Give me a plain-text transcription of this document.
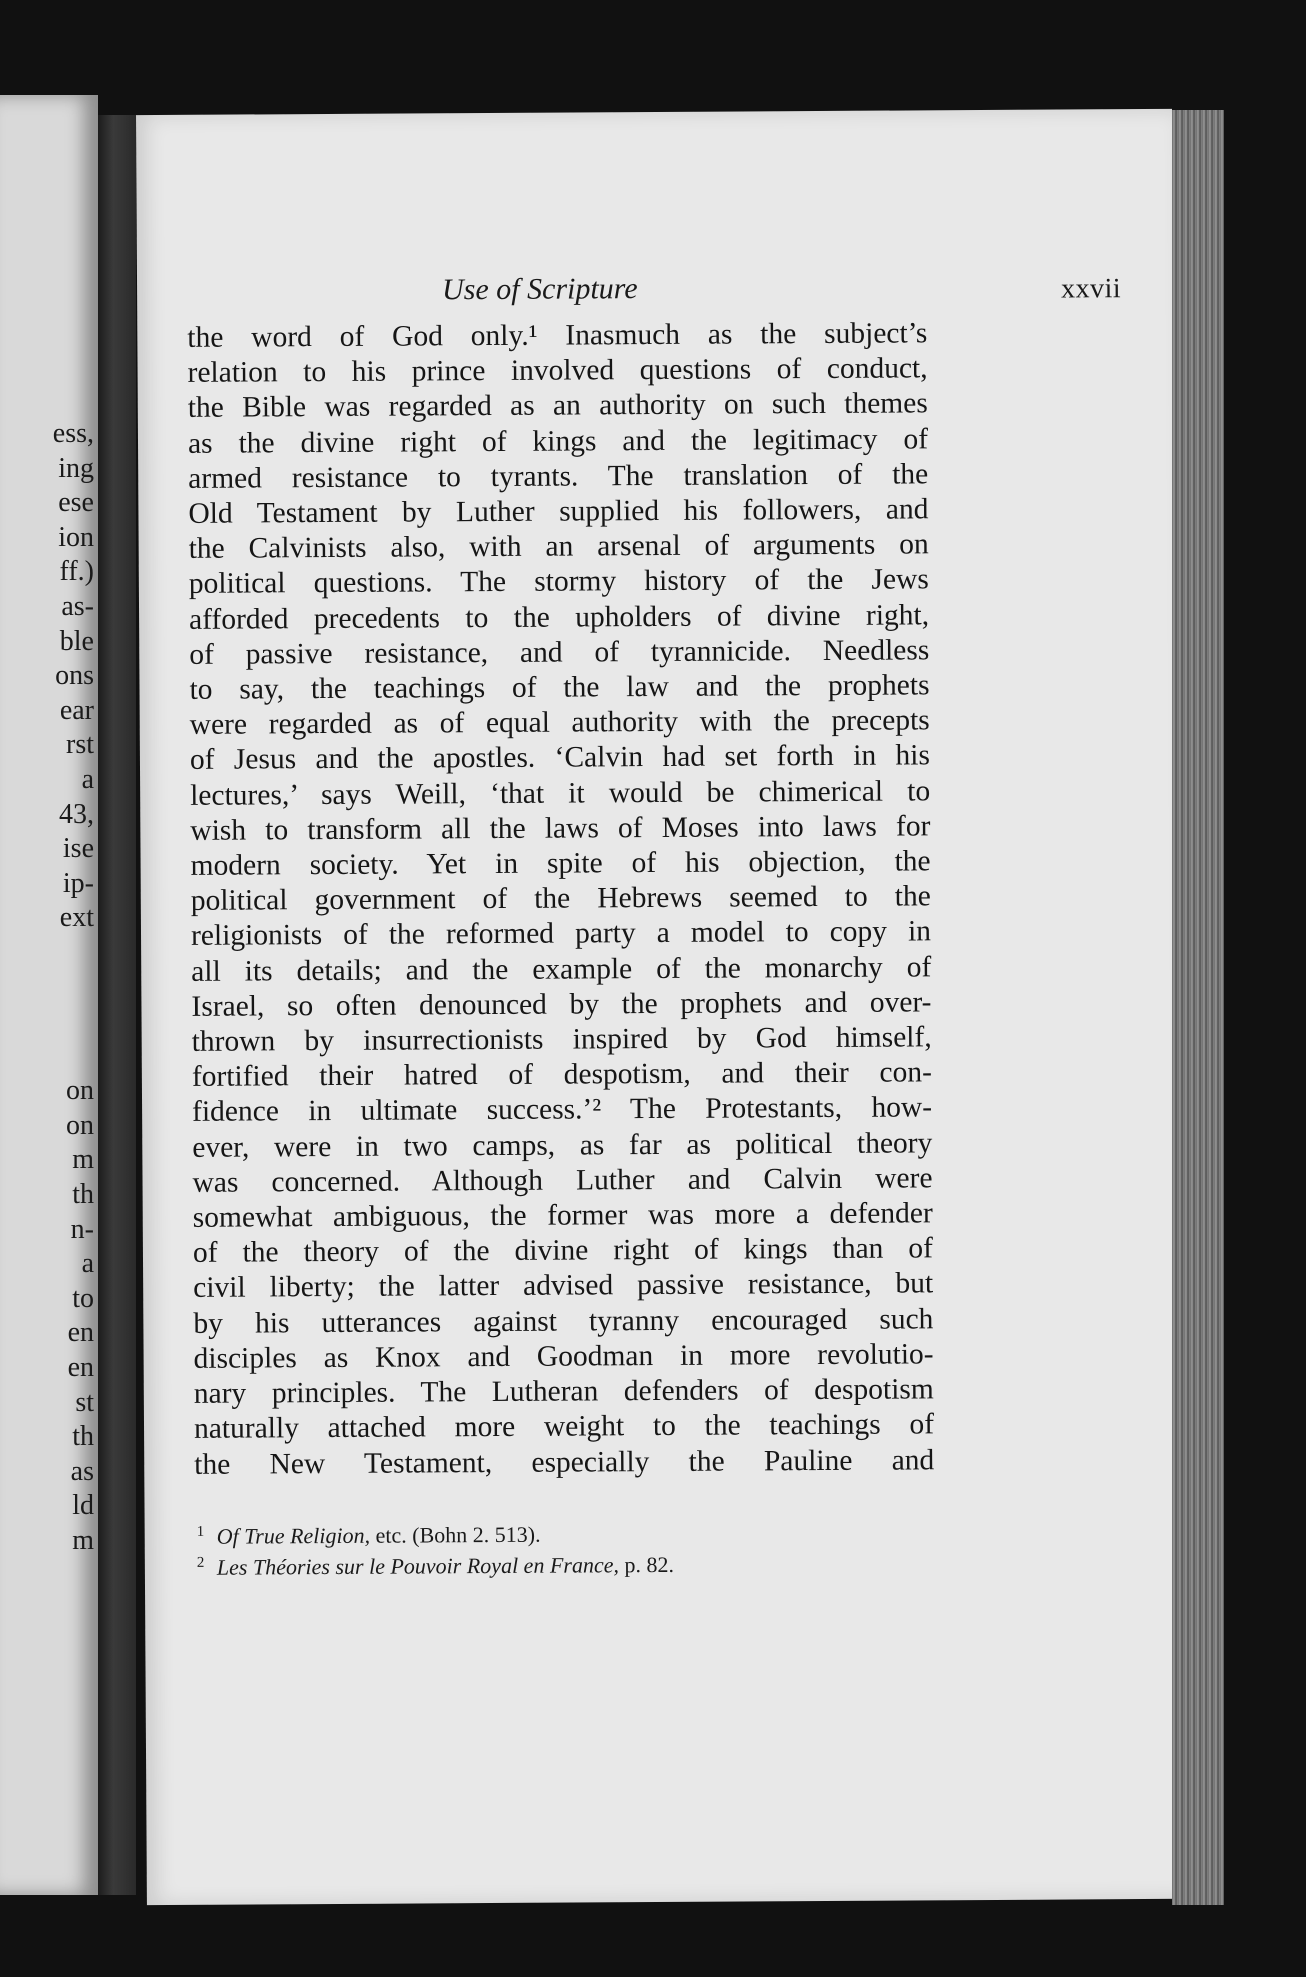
ess,
ing
ese
ion
ff.)
as-
ble
ons
ear
rst
a
43,
ise
ip-
ext

on
on
m
th
n-
a
to
en
en
st
th
as
ld
m
Use of Scripture	xxvii
the word of God only.¹ Inasmuch as the subject’s
relation to his prince involved questions of conduct,
the Bible was regarded as an authority on such themes
as the divine right of kings and the legitimacy of
armed resistance to tyrants. The translation of the
Old Testament by Luther supplied his followers, and
the Calvinists also, with an arsenal of arguments on
political questions. The stormy history of the Jews
afforded precedents to the upholders of divine right,
of passive resistance, and of tyrannicide. Needless
to say, the teachings of the law and the prophets
were regarded as of equal authority with the precepts
of Jesus and the apostles. ‘Calvin had set forth in his
lectures,’ says Weill, ‘that it would be chimerical to
wish to transform all the laws of Moses into laws for
modern society. Yet in spite of his objection, the
political government of the Hebrews seemed to the
religionists of the reformed party a model to copy in
all its details; and the example of the monarchy of
Israel, so often denounced by the prophets and over-
thrown by insurrectionists inspired by God himself,
fortified their hatred of despotism, and their con-
fidence in ultimate success.’² The Protestants, how-
ever, were in two camps, as far as political theory
was concerned. Although Luther and Calvin were
somewhat ambiguous, the former was more a defender
of the theory of the divine right of kings than of
civil liberty; the latter advised passive resistance, but
by his utterances against tyranny encouraged such
disciples as Knox and Goodman in more revolutio-
nary principles. The Lutheran defenders of despotism
naturally attached more weight to the teachings of
the New Testament, especially the Pauline and
1 Of True Religion, etc. (Bohn 2. 513).
2 Les Théories sur le Pouvoir Royal en France, p. 82.
